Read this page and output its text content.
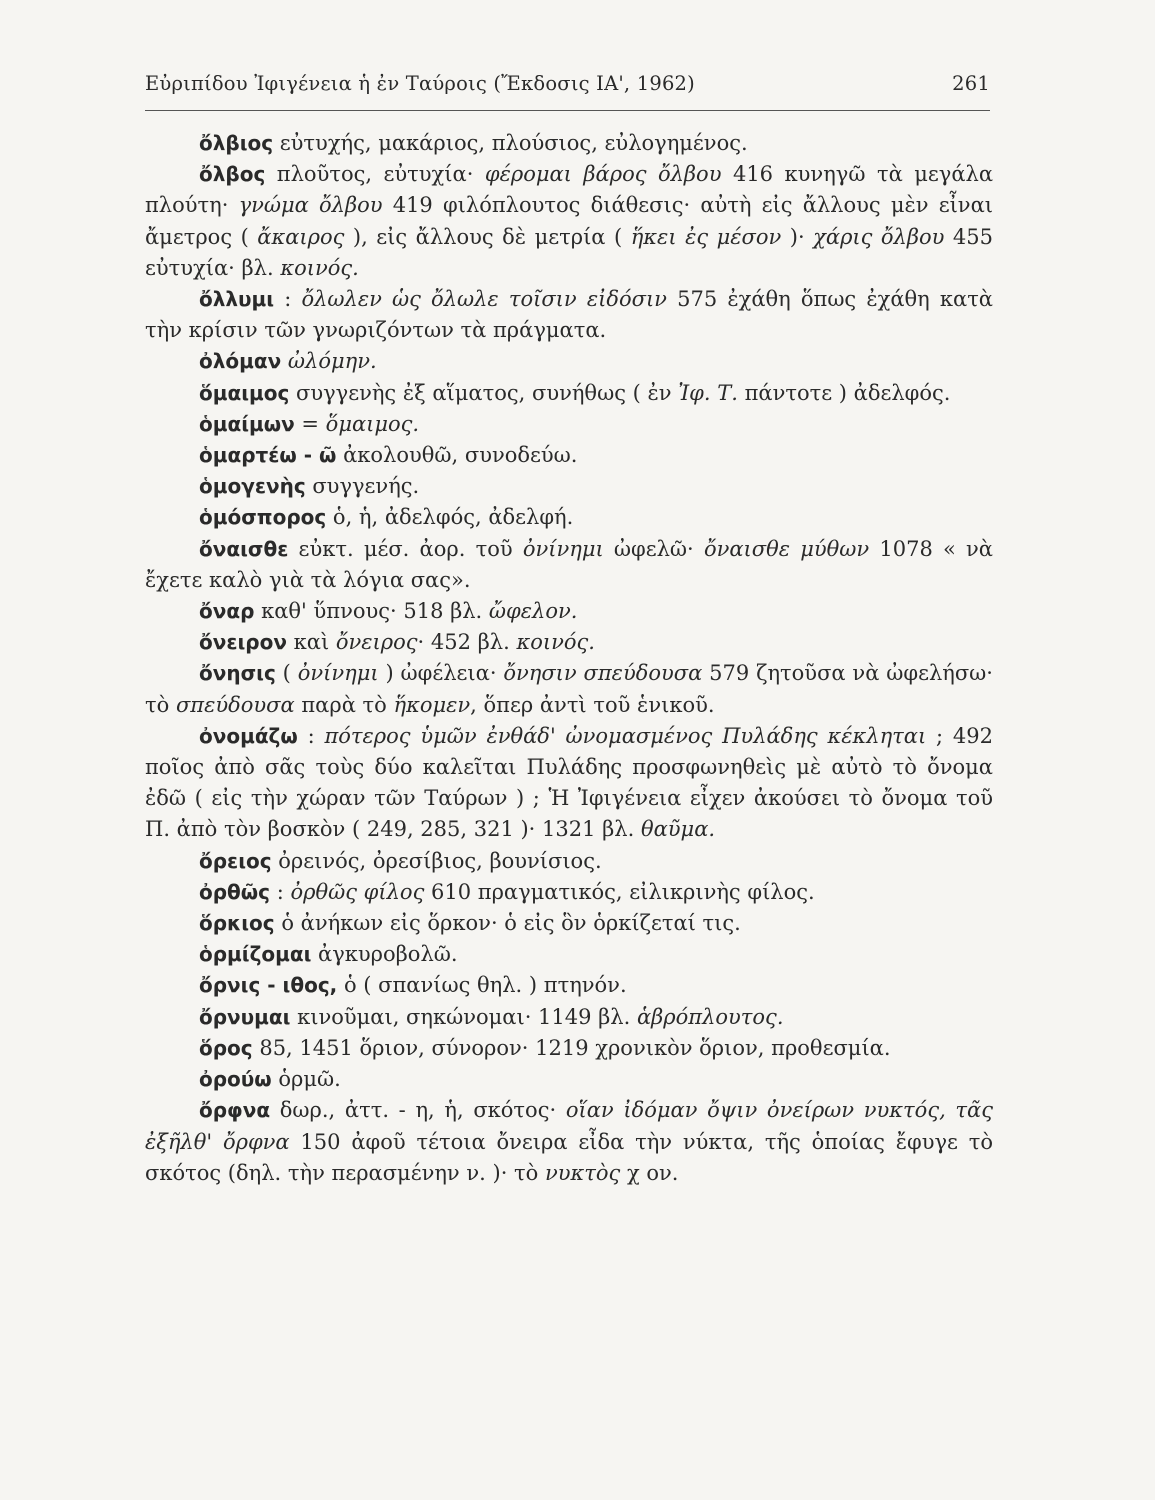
Εὐριπίδου Ἰφιγένεια ἡ ἐν Ταύροις (Ἔκδοσις ΙΑ', 1962)	261

ὄλβιος εὐτυχής, μακάριος, πλούσιος, εὐλογημένος.

ὄλβος πλοῦτος, εὐτυχία· φέρομαι βάρος ὄλβου 416 κυνηγῶ τὰ μεγάλα πλούτη· γνώμα ὄλβου 419 φιλόπλουτος διάθεσις· αὐτὴ εἰς ἄλλους μὲν εἶναι ἄμετρος ( ἄκαιρος ), εἰς ἄλλους δὲ μετρία ( ἥκει ἐς μέσον )· χάρις ὄλβου 455 εὐτυχία· βλ. κοινός.

ὄλλυμι : ὄλωλεν ὡς ὄλωλε τοῖσιν εἰδόσιν 575 ἐχάθη ὅπως ἐχάθη κατὰ τὴν κρίσιν τῶν γνωριζόντων τὰ πράγματα.

ὀλόμαν ὠλόμην.

ὅμαιμος συγγενὴς ἐξ αἵματος, συνήθως ( ἐν Ἰφ. Τ. πάντοτε ) ἀδελφός.

ὁμαίμων = ὅμαιμος.

ὁμαρτέω - ῶ ἀκολουθῶ, συνοδεύω.

ὁμογενὴς συγγενής.

ὁμόσπορος ὁ, ἡ, ἀδελφός, ἀδελφή.

ὄναισθε εὐκτ. μέσ. ἀορ. τοῦ ὀνίνημι ὠφελῶ· ὄναισθε μύθων 1078 « νὰ ἔχετε καλὸ γιὰ τὰ λόγια σας».

ὄναρ καθ' ὕπνους· 518 βλ. ὤφελον.

ὄνειρον καὶ ὄνειρος· 452 βλ. κοινός.

ὄνησις ( ὀνίνημι ) ὠφέλεια· ὄνησιν σπεύδουσα 579 ζητοῦσα νὰ ὠφελήσω· τὸ σπεύδουσα παρὰ τὸ ἥκομεν, ὅπερ ἀντὶ τοῦ ἑνικοῦ.

ὀνομάζω : πότερος ὑμῶν ἐνθάδ' ὠνομασμένος Πυλάδης κέκληται ; 492 ποῖος ἀπὸ σᾶς τοὺς δύο καλεῖται Πυλάδης προσφωνηθεὶς μὲ αὐτὸ τὸ ὄνομα ἐδῶ ( εἰς τὴν χώραν τῶν Ταύρων ) ; Ἡ Ἰφιγένεια εἶχεν ἀκούσει τὸ ὄνομα τοῦ Π. ἀπὸ τὸν βοσκὸν ( 249, 285, 321 )· 1321 βλ. θαῦμα.

ὄρειος ὀρεινός, ὀρεσίβιος, βουνίσιος.

ὀρθῶς : ὀρθῶς φίλος 610 πραγματικός, εἰλικρινὴς φίλος.

ὅρκιος ὁ ἀνήκων εἰς ὅρκον· ὁ εἰς ὃν ὁρκίζεταί τις.

ὁρμίζομαι ἀγκυροβολῶ.

ὄρνις - ιθος, ὁ ( σπανίως θηλ. ) πτηνόν.

ὄρνυμαι κινοῦμαι, σηκώνομαι· 1149 βλ. ἁβρόπλουτος.

ὅρος 85, 1451 ὅριον, σύνορον· 1219 χρονικὸν ὅριον, προθεσμία.

ὀρούω ὁρμῶ.

ὄρφνα δωρ., ἀττ. - η, ἡ, σκότος· οἵαν ἰδόμαν ὄψιν ὀνείρων νυκτός, τᾶς ἐξῆλθ' ὄρφνα 150 ἀφοῦ τέτοια ὄνειρα εἶδα τὴν νύκτα, τῆς ὁποίας ἔφυγε τὸ σκότος (δηλ. τὴν περασμένην ν. )· τὸ νυκτὸς χ ον.
